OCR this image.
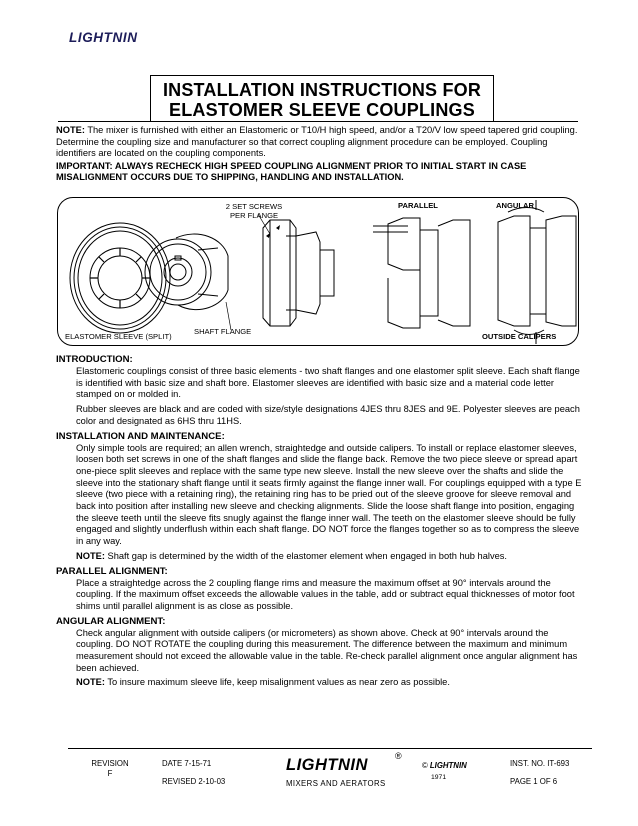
LIGHTNIN
INSTALLATION INSTRUCTIONS FOR
ELASTOMER SLEEVE COUPLINGS

NOTE: The mixer is furnished with either an Elastomeric or T10/H high speed, and/or a T20/V low speed tapered grid coupling. Determine the coupling size and manufacturer so that correct coupling alignment procedure can be employed. Coupling identifiers are located on the coupling components.

IMPORTANT: ALWAYS RECHECK HIGH SPEED COUPLING ALIGNMENT PRIOR TO INITIAL START IN CASE MISALIGNMENT OCCURS DUE TO SHIPPING, HANDLING AND INSTALLATION.

2 SET SCREWS
PER FLANGE
PARALLEL	ANGULAR
ELASTOMER SLEEVE (SPLIT)
SHAFT FLANGE
OUTSIDE CALIPERS
INTRODUCTION:

Elastomeric couplings consist of three basic elements - two shaft flanges and one elastomer split sleeve. Each shaft flange is identified with basic size and shaft bore. Elastomer sleeves are identified with basic size and a material code letter stamped on or molded in.

Rubber sleeves are black and are coded with size/style designations 4JES thru 8JES and 9E. Polyester sleeves are peach color and designated as 6HS thru 11HS.

INSTALLATION AND MAINTENANCE:

Only simple tools are required; an allen wrench, straightedge and outside calipers. To install or replace elastomer sleeves, loosen both set screws in one of the shaft flanges and slide the flange back. Remove the two piece sleeve or spread apart one-piece split sleeves and replace with the same type new sleeve. Install the new sleeve over the shafts and slide the sleeve into the stationary shaft flange until it seats firmly against the flange inner wall. For couplings equipped with a type E sleeve (two piece with a retaining ring), the retaining ring has to be pried out of the sleeve groove for sleeve removal and back into position after installing new sleeve and checking alignments. Slide the loose shaft flange into position, engaging the sleeve teeth until the sleeve fits snugly against the flange inner wall. The teeth on the elastomer sleeve should be fully engaged and slightly underflush within each shaft flange. DO NOT force the flanges together so as to compress the sleeve in any way.

NOTE: Shaft gap is determined by the width of the elastomer element when engaged in both hub halves.

PARALLEL ALIGNMENT:

Place a straightedge across the 2 coupling flange rims and measure the maximum offset at 90° intervals around the coupling. If the maximum offset exceeds the allowable values in the table, add or subtract equal thicknesses of motor foot shims until parallel alignment is as close as possible.

ANGULAR ALIGNMENT:

Check angular alignment with outside calipers (or micrometers) as shown above. Check at 90° intervals around the coupling. DO NOT ROTATE the coupling during this measurement. The difference between the maximum and minimum measurement should not exceed the allowable value in the table. Re-check parallel alignment once angular alignment has been achieved.

NOTE: To insure maximum sleeve life, keep misalignment values as near zero as possible.

REVISION
F
DATE 7-15-71
REVISED 2-10-03
LIGHTNIN	®
MIXERS AND AERATORS
© LIGHTNIN
1971
INST. NO. IT-693
PAGE 1 OF 6
